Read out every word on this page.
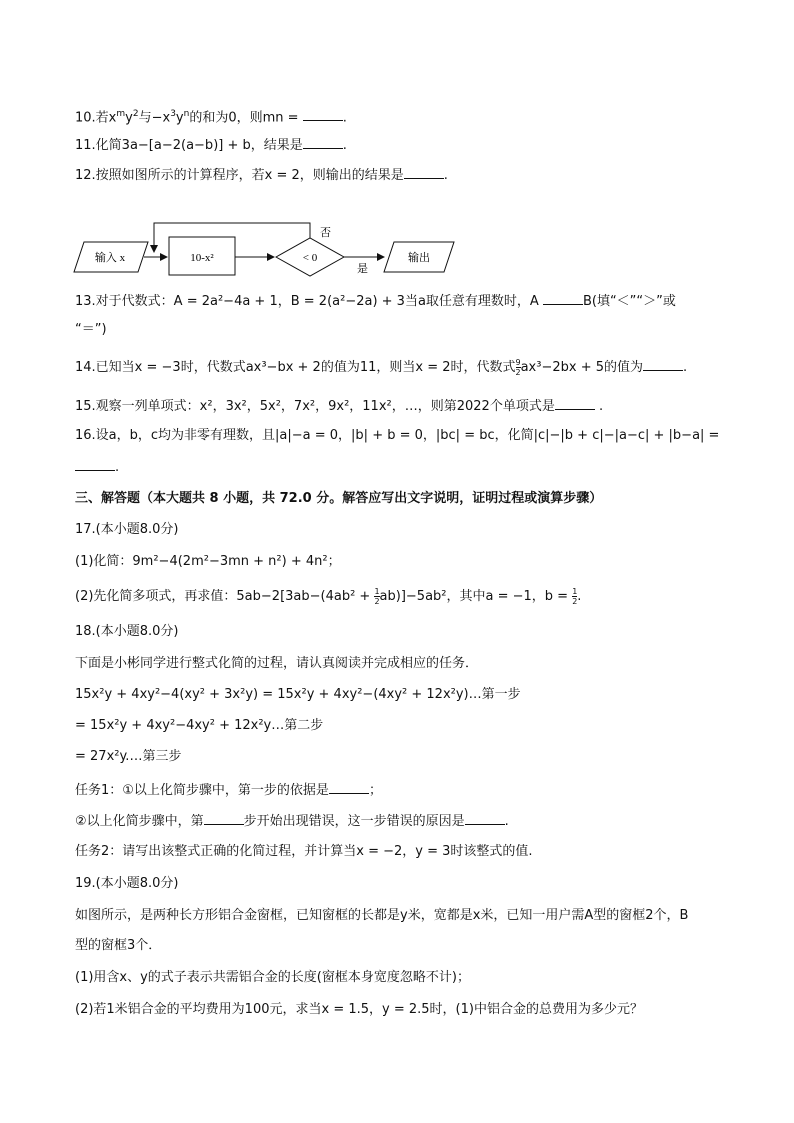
10.若$x^my^2$与$-x^3y^n$的和为0，则mn =	.
11.化简3a−[a−2(a−b)] + b，结果是	.
12.按照如图所示的计算程序，若x = 2，则输出的结果是	.
输入 x	10-x²	< 0
否
是
输出
13.对于代数式：A = 2a²−4a + 1，B = 2(a²−2a) + 3当a取任意有理数时，A	B(填“＜”“＞”或
“＝”)
14.已知当x = −3时，代数式ax³−bx + 2的值为11，则当x = 2时，代数式 $\frac{9}{2} ax^3-2bx + 5$的值为	.
15.观察一列单项式：x²，3x²，5x²，7x²，9x²，11x²，…，则第2022个单项式是	.
16.设a，b，c均为非零有理数，且|a|−a = 0，|b| + b = 0，|bc| = bc，化简|c|−|b + c|−|a−c| + |b−a| =
.
三、解答题（本大题共 8 小题，共 72.0 分。解答应写出文字说明，证明过程或演算步骤）
17.(本小题8.0分)
(1)化简：9m²−4(2m²−3mn + n²) + 4n²；
(2)先化简多项式，再求值：$5ab-2[3ab-(4ab^2 + \frac{1}{2} ab)]-5ab^2$，其中a = −1，$b = \frac{1}{2}$ .
18.(本小题8.0分)
下面是小彬同学进行整式化简的过程，请认真阅读并完成相应的任务．
15x²y + 4xy²−4(xy² + 3x²y) = 15x²y + 4xy²−(4xy² + 12x²y)…第一步
= 15x²y + 4xy²−4xy² + 12x²y…第二步
= 27x²y.…第三步
任务1：①以上化简步骤中，第一步的依据是	；
②以上化简步骤中，第	步开始出现错误，这一步错误的原因是	.
任务2：请写出该整式正确的化简过程，并计算当x = −2，y = 3时该整式的值.
19.(本小题8.0分)
如图所示，是两种长方形铝合金窗框，已知窗框的长都是y米，宽都是x米，已知一用户需A型的窗框2个，B
型的窗框3个．
(1)用含x、y的式子表示共需铝合金的长度(窗框本身宽度忽略不计)；
(2)若1米铝合金的平均费用为100元，求当x = 1.5，y = 2.5时，(1)中铝合金的总费用为多少元？
